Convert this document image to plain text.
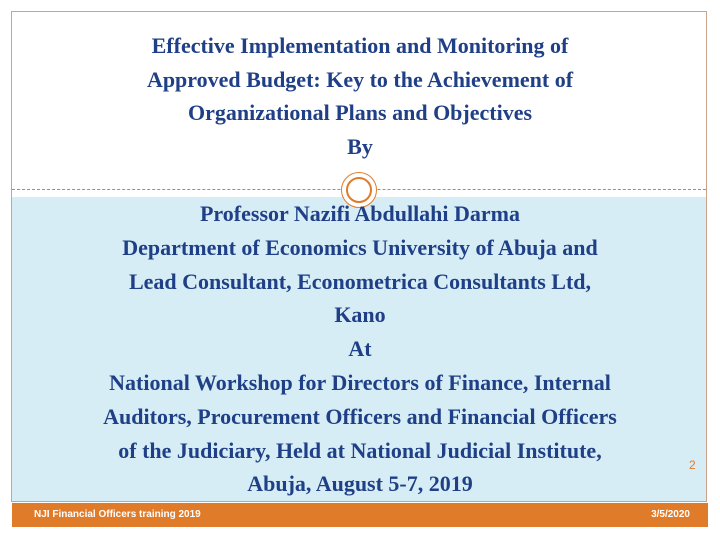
Effective Implementation and Monitoring of
Approved Budget: Key to the Achievement of
Organizational Plans and Objectives
By
Professor Nazifi Abdullahi Darma
Department of Economics University of Abuja and
Lead Consultant, Econometrica Consultants Ltd,
Kano
At
National Workshop for Directors of Finance, Internal
Auditors, Procurement Officers and Financial Officers
of the Judiciary, Held at National Judicial Institute,
Abuja, August 5-7, 2019
2
NJI Financial Officers training 2019	3/5/2020
